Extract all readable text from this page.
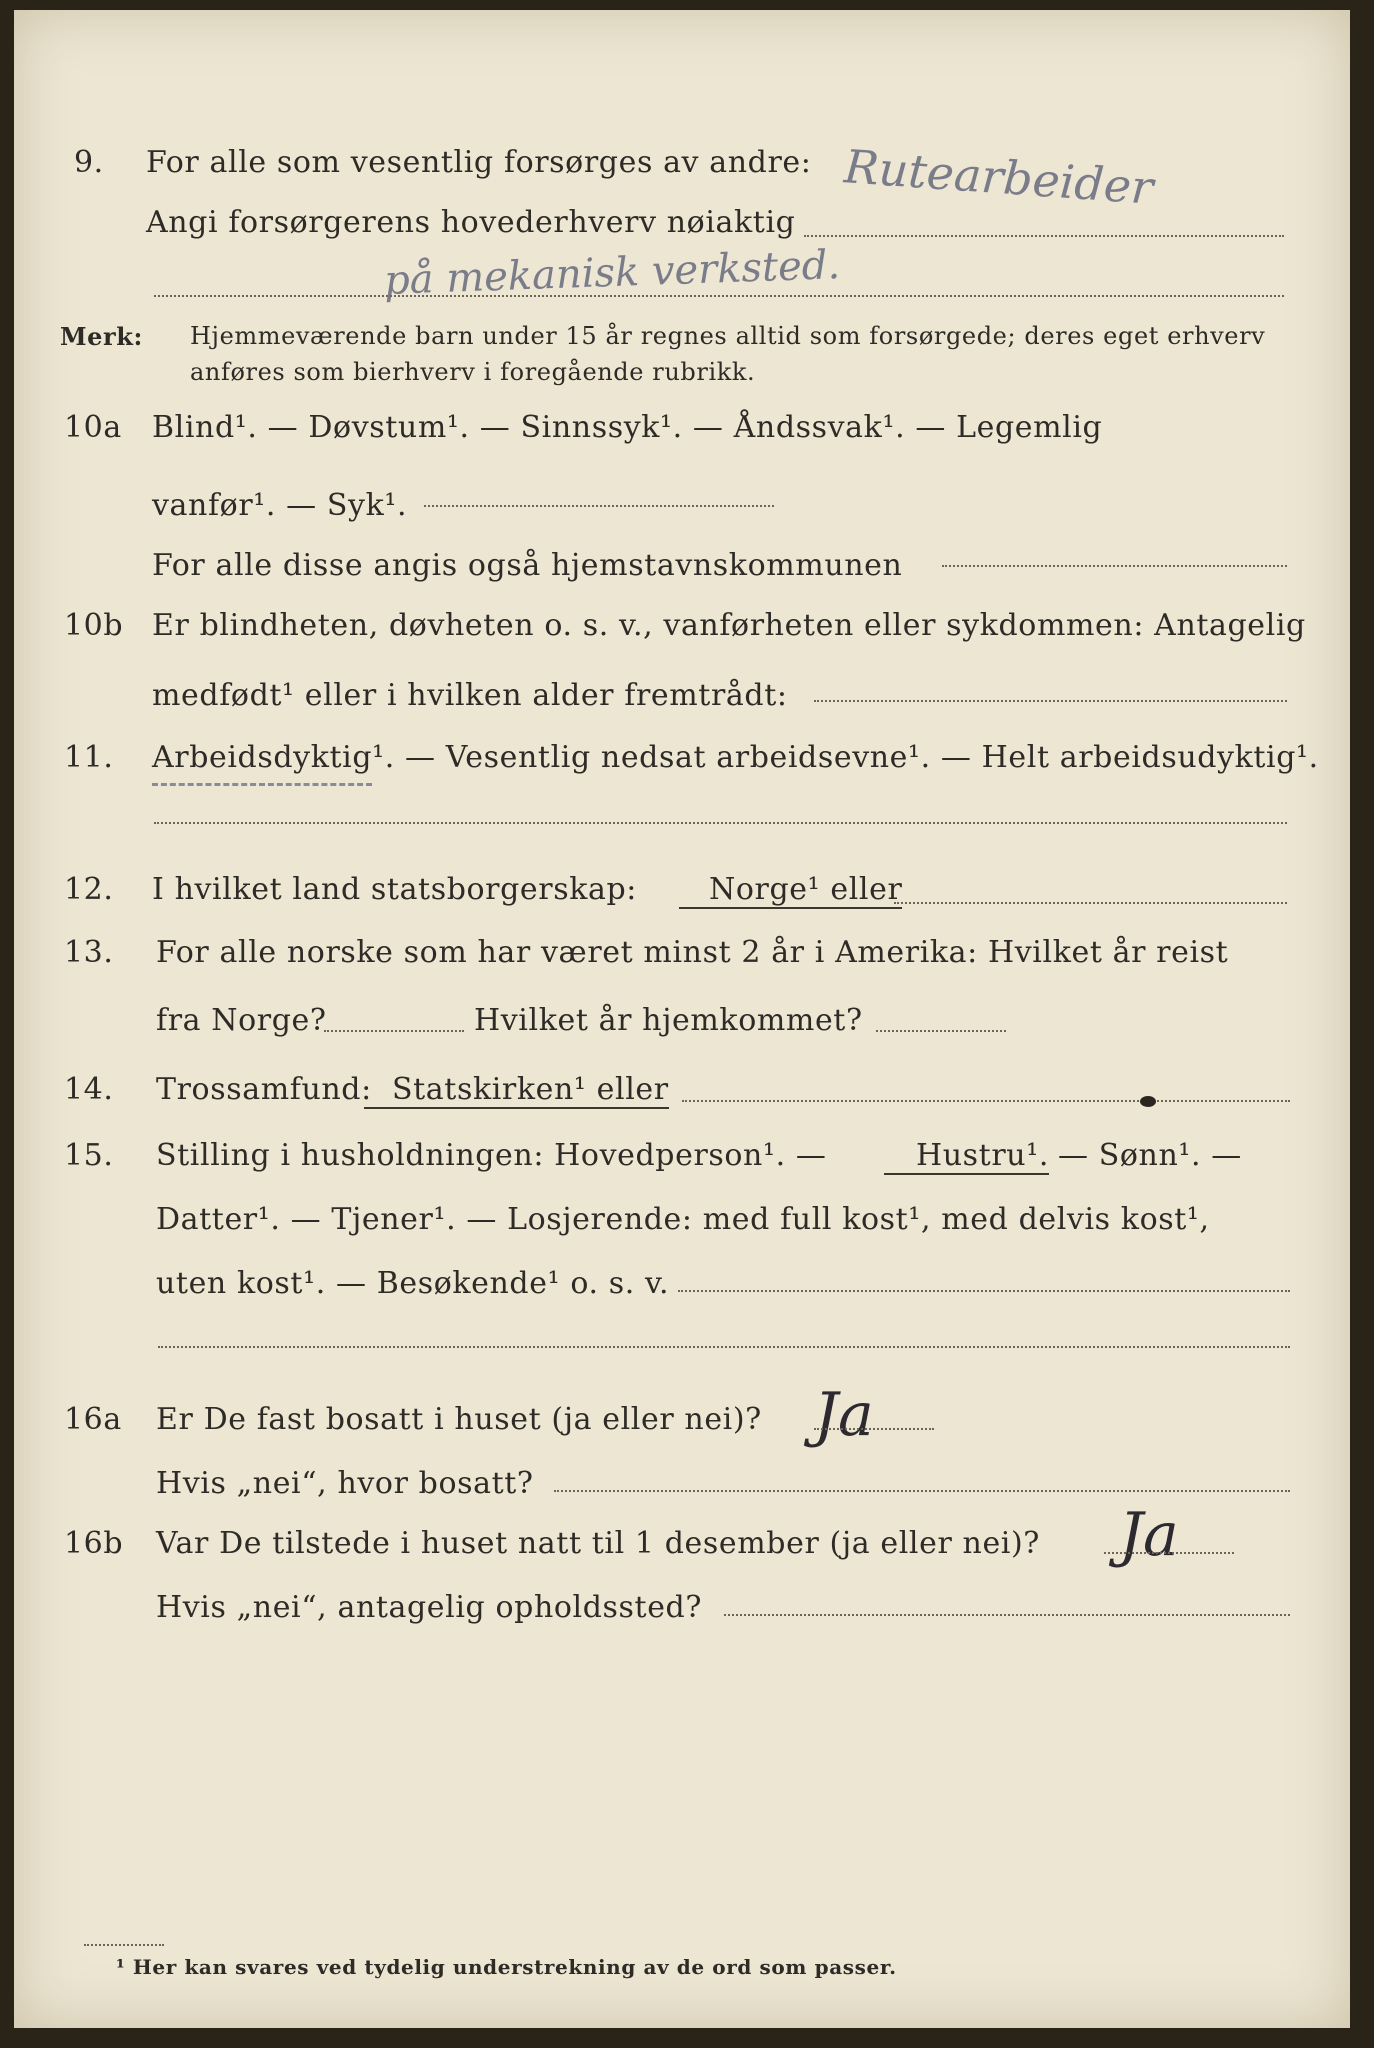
9.	For alle som vesentlig forsørges av andre:
Angi forsørgerens hovederhverv nøiaktig
Rutearbeider
på mekanisk verksted.
Merk: Hjemmeværende barn under 15 år regnes alltid som forsørgede; deres eget erhverv
anføres som bierhverv i foregående rubrikk.
10a	Blind¹. — Døvstum¹. — Sinnssyk¹. — Åndssvak¹. — Legemlig
vanfør¹. — Syk¹.
For alle disse angis også hjemstavnskommunen
10b Er blindheten, døvheten o. s. v., vanførheten eller sykdommen: Antagelig
medfødt¹ eller i hvilken alder fremtrådt:
11.	Arbeidsdyktig¹. — Vesentlig nedsat arbeidsevne¹. — Helt arbeidsudyktig¹.
12.	I hvilket land statsborgerskap:	Norge¹ eller
13.	For alle norske som har været minst 2 år i Amerika: Hvilket år reist
fra Norge?	Hvilket år hjemkommet?
14.	Trossamfund: Statskirken¹ eller
15.	Stilling i husholdningen: Hovedperson¹. —	Hustru¹. — Sønn¹. —
Datter¹. — Tjener¹. — Losjerende: med full kost¹, med delvis kost¹,
uten kost¹. — Besøkende¹ o. s. v.
16a	Er De fast bosatt i huset (ja eller nei)?
Hvis „nei“, hvor bosatt?
Ja
16b	Var De tilstede i huset natt til 1 desember (ja eller nei)?
Hvis „nei“, antagelig opholdssted?
Ja
¹ Her kan svares ved tydelig understrekning av de ord som passer.
